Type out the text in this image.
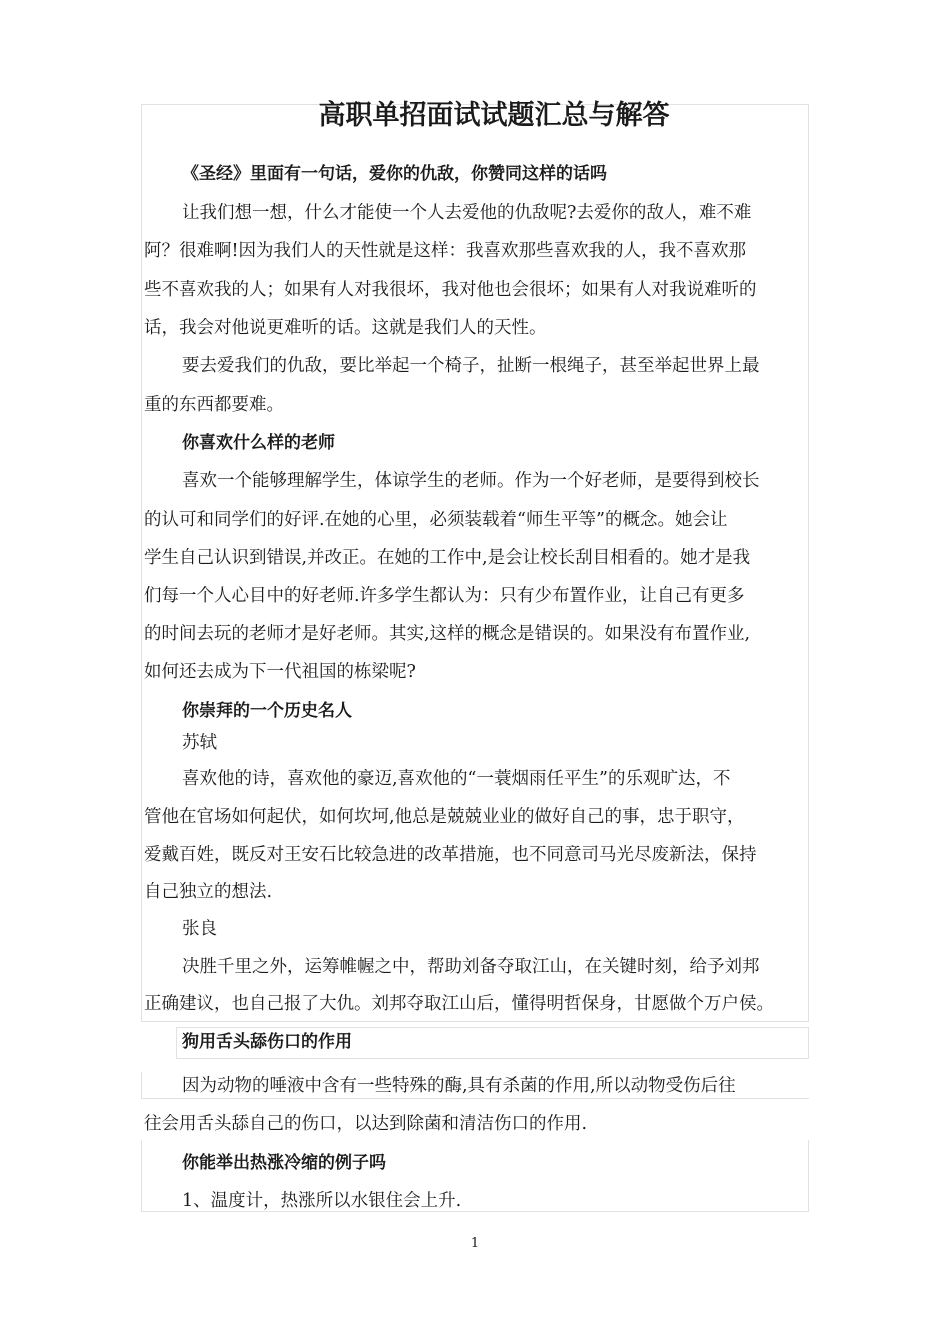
高职单招面试试题汇总与解答
《圣经》里面有一句话，爱你的仇敌，你赞同这样的话吗
让我们想一想，什么才能使一个人去爱他的仇敌呢?去爱你的敌人，难不难
阿？很难啊!因为我们人的天性就是这样：我喜欢那些喜欢我的人，我不喜欢那
些不喜欢我的人；如果有人对我很坏，我对他也会很坏；如果有人对我说难听的
话，我会对他说更难听的话。这就是我们人的天性。
要去爱我们的仇敌，要比举起一个椅子，扯断一根绳子，甚至举起世界上最
重的东西都要难。
你喜欢什么样的老师
喜欢一个能够理解学生，体谅学生的老师。作为一个好老师，是要得到校长
的认可和同学们的好评.在她的心里，必须装载着“师生平等”的概念。她会让
学生自己认识到错误,并改正。在她的工作中,是会让校长刮目相看的。她才是我
们每一个人心目中的好老师.许多学生都认为：只有少布置作业，让自己有更多
的时间去玩的老师才是好老师。其实,这样的概念是错误的。如果没有布置作业,
如何还去成为下一代祖国的栋梁呢?
你崇拜的一个历史名人
苏轼
喜欢他的诗，喜欢他的豪迈,喜欢他的“一蓑烟雨任平生”的乐观旷达，不
管他在官场如何起伏，如何坎坷,他总是兢兢业业的做好自己的事，忠于职守，
爱戴百姓，既反对王安石比较急进的改革措施，也不同意司马光尽废新法，保持
自己独立的想法.
张良
决胜千里之外，运筹帷幄之中，帮助刘备夺取江山，在关键时刻，给予刘邦
正确建议，也自己报了大仇。刘邦夺取江山后，懂得明哲保身，甘愿做个万户侯。
狗用舌头舔伤口的作用
因为动物的唾液中含有一些特殊的酶,具有杀菌的作用,所以动物受伤后往
往会用舌头舔自己的伤口，以达到除菌和清洁伤口的作用.
你能举出热涨冷缩的例子吗
1、温度计，热涨所以水银住会上升.
1
